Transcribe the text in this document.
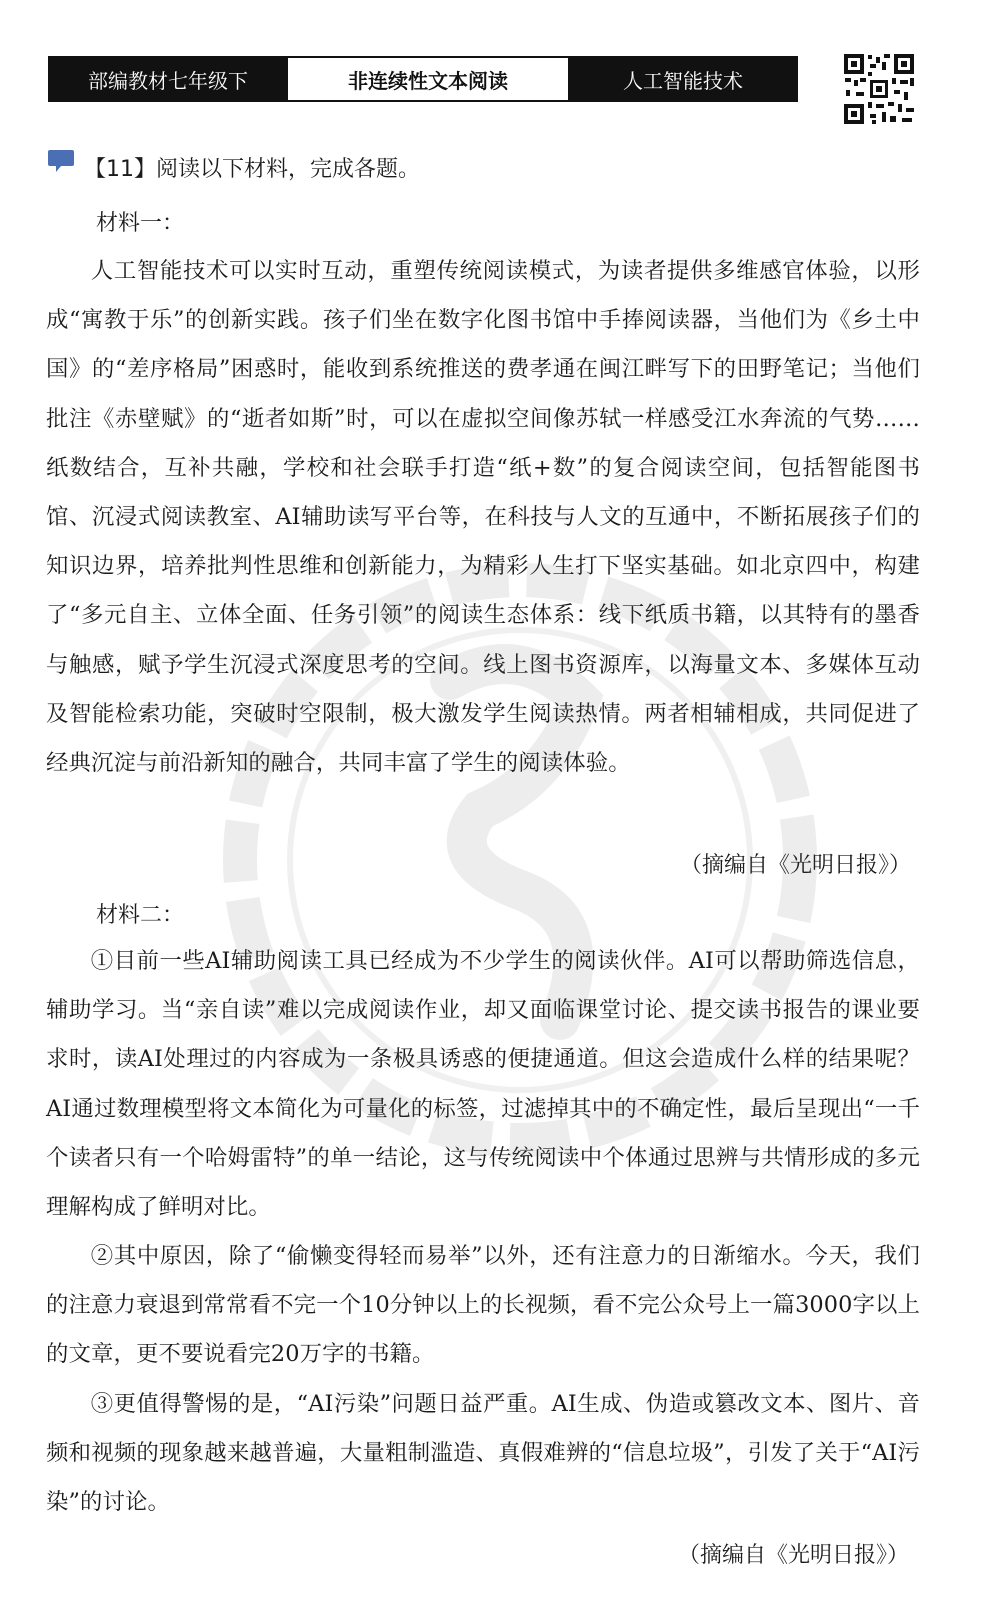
部编教材七年级下	非连续性文本阅读	人工智能技术
【11】阅读以下材料，完成各题。
材料一：

人工智能技术可以实时互动，重塑传统阅读模式，为读者提供多维感官体验，以形成“寓教于乐”的创新实践。孩子们坐在数字化图书馆中手捧阅读器，当他们为《乡土中国》的“差序格局”困惑时，能收到系统推送的费孝通在闽江畔写下的田野笔记；当他们批注《赤壁赋》的“逝者如斯”时，可以在虚拟空间像苏轼一样感受江水奔流的气势……纸数结合，互补共融，学校和社会联手打造“纸+数”的复合阅读空间，包括智能图书馆、沉浸式阅读教室、AI辅助读写平台等，在科技与人文的互通中，不断拓展孩子们的知识边界，培养批判性思维和创新能力，为精彩人生打下坚实基础。如北京四中，构建了“多元自主、立体全面、任务引领”的阅读生态体系：线下纸质书籍，以其特有的墨香与触感，赋予学生沉浸式深度思考的空间。线上图书资源库，以海量文本、多媒体互动及智能检索功能，突破时空限制，极大激发学生阅读热情。两者相辅相成，共同促进了经典沉淀与前沿新知的融合，共同丰富了学生的阅读体验。

（摘编自《光明日报》）
材料二：

①目前一些AI辅助阅读工具已经成为不少学生的阅读伙伴。AI可以帮助筛选信息，辅助学习。当“亲自读”难以完成阅读作业，却又面临课堂讨论、提交读书报告的课业要求时，读AI处理过的内容成为一条极具诱惑的便捷通道。但这会造成什么样的结果呢？AI通过数理模型将文本简化为可量化的标签，过滤掉其中的不确定性，最后呈现出“一千个读者只有一个哈姆雷特”的单一结论，这与传统阅读中个体通过思辨与共情形成的多元理解构成了鲜明对比。

②其中原因，除了“偷懒变得轻而易举”以外，还有注意力的日渐缩水。今天，我们的注意力衰退到常常看不完一个10分钟以上的长视频，看不完公众号上一篇3000字以上的文章，更不要说看完20万字的书籍。

③更值得警惕的是，“AI污染”问题日益严重。AI生成、伪造或篡改文本、图片、音频和视频的现象越来越普遍，大量粗制滥造、真假难辨的“信息垃圾”，引发了关于“AI污染”的讨论。

（摘编自《光明日报》）
